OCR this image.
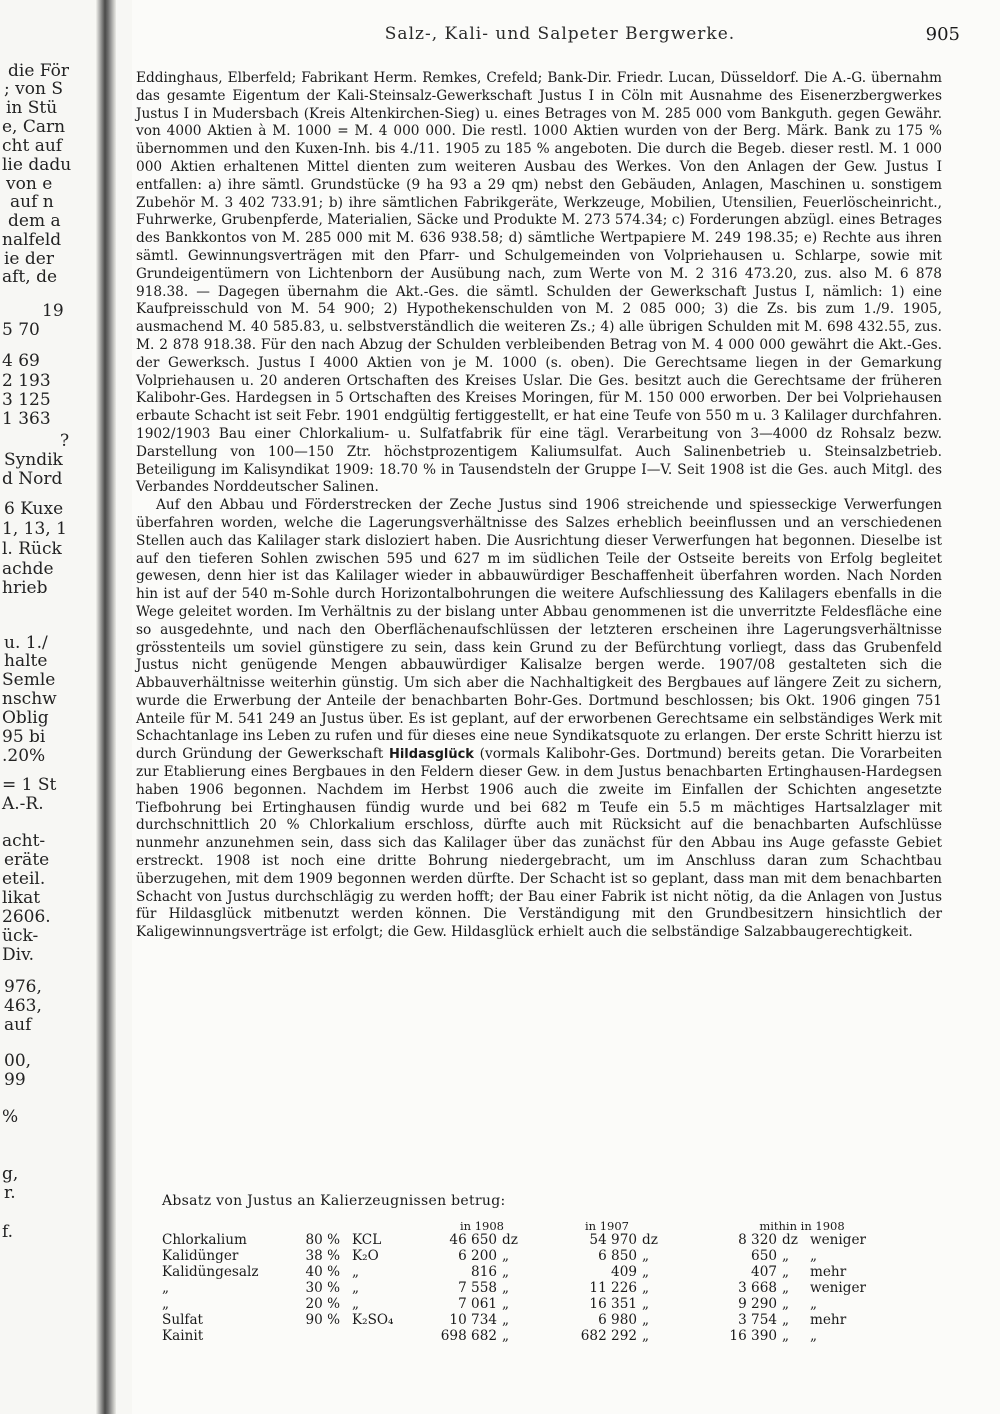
die För
; von S
in Stü
e, Carn
cht auf
lie dadu
von e
auf n
dem a
nalfeld
ie der
aft, de
19
5 70
4 69
2 193
3 125
1 363
?
Syndik
d Nord
6 Kuxe
1, 13, 1
l. Rück
achde
hrieb
u. 1./
halte
Semle
nschw
Oblig
95 bi
.20%
= 1 St
A.-R.
acht-
eräte
eteil.
likat
2606.
ück-
Div.
976,
463,
auf
00,
99
%
g,
r.
f.
Salz-, Kali- und Salpeter Bergwerke.	905

Eddinghaus, Elberfeld; Fabrikant Herm. Remkes, Crefeld; Bank-Dir. Friedr. Lucan, Düsseldorf. Die A.-G. übernahm das gesamte Eigentum der Kali-Steinsalz-Gewerkschaft Justus I in Cöln mit Ausnahme des Eisenerzbergwerkes Justus I in Mudersbach (Kreis Altenkirchen-Sieg) u. eines Betrages von M. 285 000 vom Bankguth. gegen Gewähr. von 4000 Aktien à M. 1000 = M. 4 000 000. Die restl. 1000 Aktien wurden von der Berg. Märk. Bank zu 175 % übernommen und den Kuxen-Inh. bis 4./11. 1905 zu 185 % angeboten. Die durch die Begeb. dieser restl. M. 1 000 000 Aktien erhaltenen Mittel dienten zum weiteren Ausbau des Werkes. Von den Anlagen der Gew. Justus I entfallen: a) ihre sämtl. Grundstücke (9 ha 93 a 29 qm) nebst den Gebäuden, Anlagen, Maschinen u. sonstigem Zubehör M. 3 402 733.91; b) ihre sämtlichen Fabrikgeräte, Werkzeuge, Mobilien, Utensilien, Feuerlöscheinricht., Fuhrwerke, Grubenpferde, Materialien, Säcke und Produkte M. 273 574.34; c) Forderungen abzügl. eines Betrages des Bankkontos von M. 285 000 mit M. 636 938.58; d) sämtliche Wertpapiere M. 249 198.35; e) Rechte aus ihren sämtl. Gewinnungsverträgen mit den Pfarr- und Schulgemeinden von Volpriehausen u. Schlarpe, sowie mit Grundeigentümern von Lichtenborn der Ausübung nach, zum Werte von M. 2 316 473.20, zus. also M. 6 878 918.38. — Dagegen übernahm die Akt.-Ges. die sämtl. Schulden der Gewerkschaft Justus I, nämlich: 1) eine Kaufpreisschuld von M. 54 900; 2) Hypothekenschulden von M. 2 085 000; 3) die Zs. bis zum 1./9. 1905, ausmachend M. 40 585.83, u. selbstverständlich die weiteren Zs.; 4) alle übrigen Schulden mit M. 698 432.55, zus. M. 2 878 918.38. Für den nach Abzug der Schulden verbleibenden Betrag von M. 4 000 000 gewährt die Akt.-Ges. der Gewerksch. Justus I 4000 Aktien von je M. 1000 (s. oben). Die Gerechtsame liegen in der Gemarkung Volpriehausen u. 20 anderen Ortschaften des Kreises Uslar. Die Ges. besitzt auch die Gerechtsame der früheren Kalibohr-Ges. Hardegsen in 5 Ortschaften des Kreises Moringen, für M. 150 000 erworben. Der bei Volpriehausen erbaute Schacht ist seit Febr. 1901 endgültig fertiggestellt, er hat eine Teufe von 550 m u. 3 Kalilager durchfahren. 1902/1903 Bau einer Chlorkalium- u. Sulfatfabrik für eine tägl. Verarbeitung von 3—4000 dz Rohsalz bezw. Darstellung von 100—150 Ztr. höchstprozentigem Kaliumsulfat. Auch Salinenbetrieb u. Steinsalzbetrieb. Beteiligung im Kalisyndikat 1909: 18.70 % in Tausendsteln der Gruppe I—V. Seit 1908 ist die Ges. auch Mitgl. des Verbandes Norddeutscher Salinen.

Auf den Abbau und Förderstrecken der Zeche Justus sind 1906 streichende und spiesseckige Verwerfungen überfahren worden, welche die Lagerungsverhältnisse des Salzes erheblich beeinflussen und an verschiedenen Stellen auch das Kalilager stark disloziert haben. Die Ausrichtung dieser Verwerfungen hat begonnen. Dieselbe ist auf den tieferen Sohlen zwischen 595 und 627 m im südlichen Teile der Ostseite bereits von Erfolg begleitet gewesen, denn hier ist das Kalilager wieder in abbauwürdiger Beschaffenheit überfahren worden. Nach Norden hin ist auf der 540 m-Sohle durch Horizontalbohrungen die weitere Aufschliessung des Kalilagers ebenfalls in die Wege geleitet worden. Im Verhältnis zu der bislang unter Abbau genommenen ist die unverritzte Feldesfläche eine so ausgedehnte, und nach den Oberflächenaufschlüssen der letzteren erscheinen ihre Lagerungsverhältnisse grösstenteils um soviel günstigere zu sein, dass kein Grund zu der Befürchtung vorliegt, dass das Grubenfeld Justus nicht genügende Mengen abbauwürdiger Kalisalze bergen werde. 1907/08 gestalteten sich die Abbauverhältnisse weiterhin günstig. Um sich aber die Nachhaltigkeit des Bergbaues auf längere Zeit zu sichern, wurde die Erwerbung der Anteile der benachbarten Bohr-Ges. Dortmund beschlossen; bis Okt. 1906 gingen 751 Anteile für M. 541 249 an Justus über. Es ist geplant, auf der erworbenen Gerechtsame ein selbständiges Werk mit Schachtanlage ins Leben zu rufen und für dieses eine neue Syndikatsquote zu erlangen. Der erste Schritt hierzu ist durch Gründung der Gewerkschaft Hildasglück (vormals Kalibohr-Ges. Dortmund) bereits getan. Die Vorarbeiten zur Etablierung eines Bergbaues in den Feldern dieser Gew. in dem Justus benachbarten Ertinghausen-Hardegsen haben 1906 begonnen. Nachdem im Herbst 1906 auch die zweite im Einfallen der Schichten angesetzte Tiefbohrung bei Ertinghausen fündig wurde und bei 682 m Teufe ein 5.5 m mächtiges Hartsalzlager mit durchschnittlich 20 % Chlorkalium erschloss, dürfte auch mit Rücksicht auf die benachbarten Aufschlüsse nunmehr anzunehmen sein, dass sich das Kalilager über das zunächst für den Abbau ins Auge gefasste Gebiet erstreckt. 1908 ist noch eine dritte Bohrung niedergebracht, um im Anschluss daran zum Schachtbau überzugehen, mit dem 1909 begonnen werden dürfte. Der Schacht ist so geplant, dass man mit dem benachbarten Schacht von Justus durchschlägig zu werden hofft; der Bau einer Fabrik ist nicht nötig, da die Anlagen von Justus für Hildasglück mitbenutzt werden können. Die Verständigung mit den Grundbesitzern hinsichtlich der Kaligewinnungsverträge ist erfolgt; die Gew. Hildasglück erhielt auch die selbständige Salzabbaugerechtigkeit.

Absatz von Justus an Kalierzeugnissen betrug:
in 1908	in 1907	mithin in 1908
Chlorkalium	80 % KCL	46 650 dz	54 970 dz	8 320 dz weniger
Kalidünger	38 % K₂O	6 200 „	6 850 „	650 „	„
Kalidüngesalz	40 % „	816 „	409 „	407 „	mehr
„	30 % „	7 558 „	11 226 „	3 668 „	weniger
„	20 % „	7 061 „	16 351 „	9 290 „	„
Sulfat	90 % K₂SO₄	10 734 „	6 980 „	3 754 „	mehr
Kainit	698 682 „	682 292 „	16 390 „	„
